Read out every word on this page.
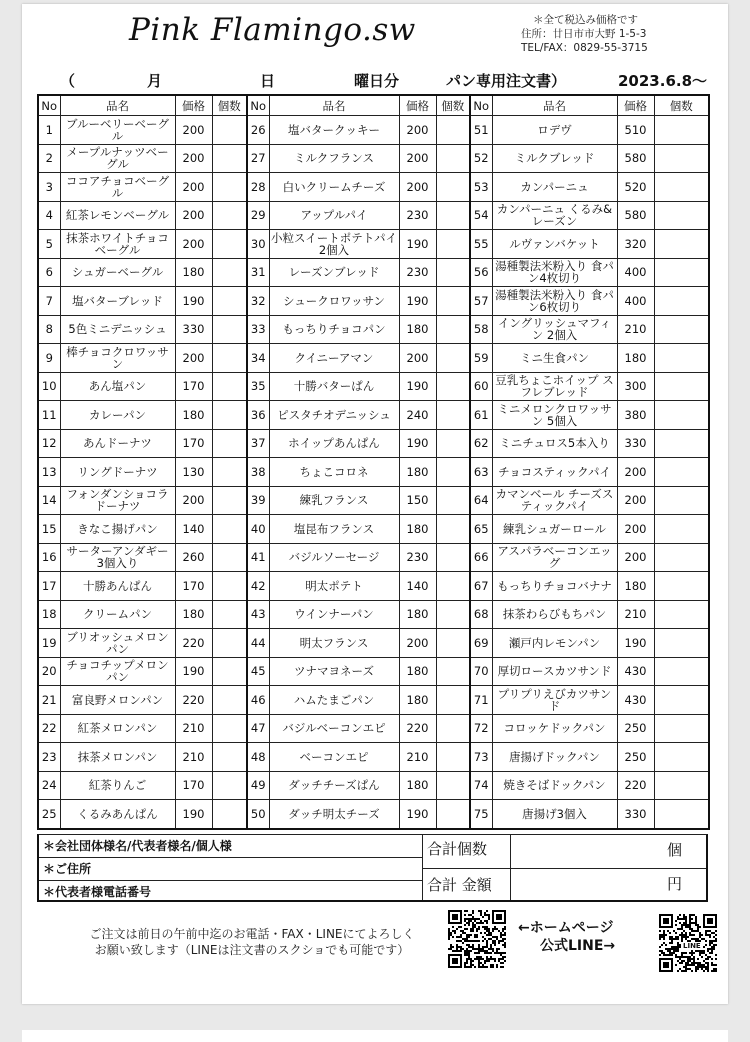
Pink Flamingo.sw	＊全て税込み価格です
住所：廿日市市大野 1-5-3
TEL/FAX：0829-55-3715
（	月	日	曜日分	パン専用注文書）	2023.6.8～
No	品名	価格	個数	No	品名	価格	個数	No	品名	価格	個数
1	ブルーベリーベーグル	200		26	塩バタークッキー	200		51	ロデヴ	510	
2	メープルナッツベーグル	200		27	ミルクフランス	200		52	ミルクブレッド	580	
3	ココアチョコベーグル	200		28	白いクリームチーズ	200		53	カンパーニュ	520	
4	紅茶レモンベーグル	200		29	アップルパイ	230		54	カンパーニュ くるみ&レーズン	580	
5	抹茶ホワイトチョコ ベーグル	200		30	小粒スイートポテトパイ 2個入	190		55	ルヴァンバケット	320	
6	シュガーベーグル	180		31	レーズンブレッド	230		56	湯種製法米粉入り 食パン4枚切り	400	
7	塩バターブレッド	190		32	シュークロワッサン	190		57	湯種製法米粉入り 食パン6枚切り	400	
8	5色ミニデニッシュ	330		33	もっちりチョコパン	180		58	イングリッシュマフィン 2個入	210	
9	棒チョコクロワッサン	200		34	クイニーアマン	200		59	ミニ生食パン	180	
10	あん塩パン	170		35	十勝バターぱん	190		60	豆乳ちょこホイップ スフレブレッド	300	
11	カレーパン	180		36	ピスタチオデニッシュ	240		61	ミニメロンクロワッサン 5個入	380	
12	あんドーナツ	170		37	ホイップあんぱん	190		62	ミニチュロス5本入り	330	
13	リングドーナツ	130		38	ちょこコロネ	180		63	チョコスティックパイ	200	
14	フォンダンショコラ ドーナツ	200		39	練乳フランス	150		64	カマンベール チーズスティックパイ	200	
15	きなこ揚げパン	140		40	塩昆布フランス	180		65	練乳シュガーロール	200	
16	サーターアンダギー 3個入り	260		41	バジルソーセージ	230		66	アスパラベーコンエッグ	200	
17	十勝あんぱん	170		42	明太ポテト	140		67	もっちりチョコバナナ	180	
18	クリームパン	180		43	ウインナーパン	180		68	抹茶わらびもちパン	210	
19	ブリオッシュメロンパン	220		44	明太フランス	200		69	瀬戸内レモンパン	190	
20	チョコチップメロンパン	190		45	ツナマヨネーズ	180		70	厚切ロースカツサンド	430	
21	富良野メロンパン	220		46	ハムたまごパン	180		71	プリプリえびカツサンド	430	
22	紅茶メロンパン	210		47	バジルベーコンエピ	220		72	コロッケドックパン	250	
23	抹茶メロンパン	210		48	ベーコンエピ	210		73	唐揚げドックパン	250	
24	紅茶りんご	170		49	ダッチチーズぱん	180		74	焼きそばドックパン	220	
25	くるみあんぱん	190		50	ダッチ明太チーズ	190		75	唐揚げ3個入	330	
＊会社団体様名/代表者様名/個人様
＊ご住所
＊代表者様電話番号
合計個数
合計 金額
個
円
ご注文は前日の午前中迄のお電話・FAX・LINEにてよろしく
お願い致します（LINEは注文書のスクショでも可能です）
←ホームページ
公式LINE→	LINE
